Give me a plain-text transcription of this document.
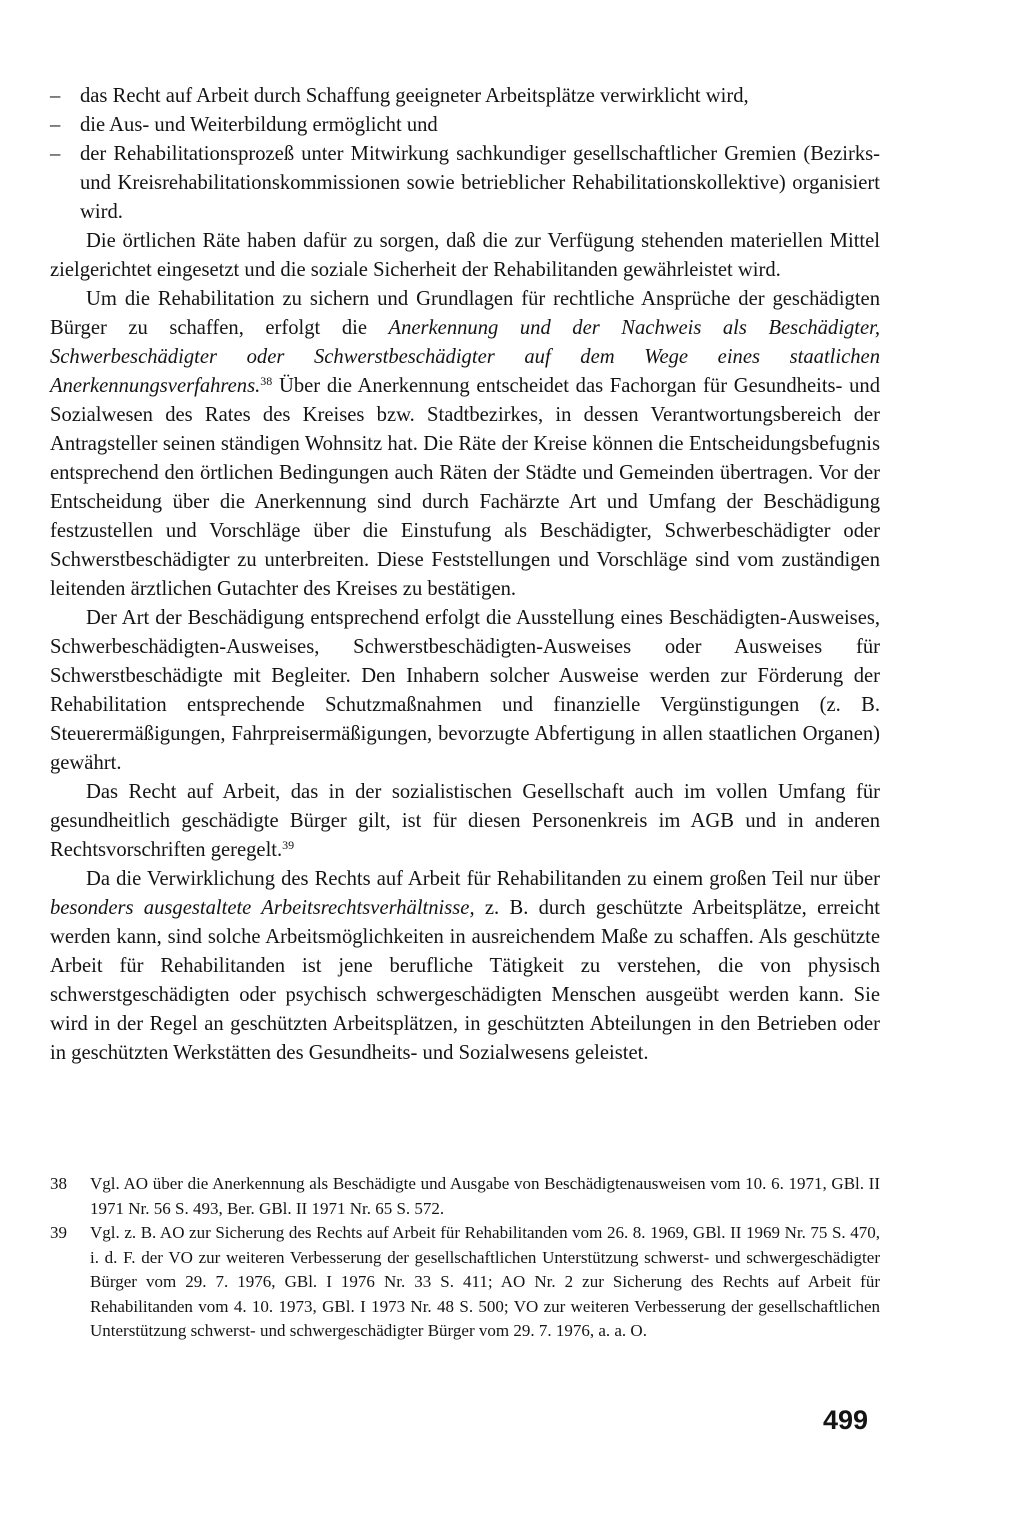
– das Recht auf Arbeit durch Schaffung geeigneter Arbeitsplätze verwirklicht wird,
– die Aus- und Weiterbildung ermöglicht und
– der Rehabilitationsprozeß unter Mitwirkung sachkundiger gesellschaftlicher Gremien (Bezirks- und Kreisrehabilitationskommissionen sowie betrieblicher Rehabilitationskollektive) organisiert wird.

Die örtlichen Räte haben dafür zu sorgen, daß die zur Verfügung stehenden materiellen Mittel zielgerichtet eingesetzt und die soziale Sicherheit der Rehabilitanden gewährleistet wird.

Um die Rehabilitation zu sichern und Grundlagen für rechtliche Ansprüche der geschädigten Bürger zu schaffen, erfolgt die Anerkennung und der Nachweis als Beschädigter, Schwerbeschädigter oder Schwerstbeschädigter auf dem Wege eines staatlichen Anerkennungsverfahrens.$^{38}$ Über die Anerkennung entscheidet das Fachorgan für Gesundheits- und Sozialwesen des Rates des Kreises bzw. Stadtbezirkes, in dessen Verantwortungsbereich der Antragsteller seinen ständigen Wohnsitz hat. Die Räte der Kreise können die Entscheidungsbefugnis entsprechend den örtlichen Bedingungen auch Räten der Städte und Gemeinden übertragen. Vor der Entscheidung über die Anerkennung sind durch Fachärzte Art und Umfang der Beschädigung festzustellen und Vorschläge über die Einstufung als Beschädigter, Schwerbeschädigter oder Schwerstbeschädigter zu unterbreiten. Diese Feststellungen und Vorschläge sind vom zuständigen leitenden ärztlichen Gutachter des Kreises zu bestätigen.

Der Art der Beschädigung entsprechend erfolgt die Ausstellung eines Beschädigten-Ausweises, Schwerbeschädigten-Ausweises, Schwerstbeschädigten-Ausweises oder Ausweises für Schwerstbeschädigte mit Begleiter. Den Inhabern solcher Ausweise werden zur Förderung der Rehabilitation entsprechende Schutzmaßnahmen und finanzielle Vergünstigungen (z. B. Steuerermäßigungen, Fahrpreisermäßigungen, bevorzugte Abfertigung in allen staatlichen Organen) gewährt.

Das Recht auf Arbeit, das in der sozialistischen Gesellschaft auch im vollen Umfang für gesundheitlich geschädigte Bürger gilt, ist für diesen Personenkreis im AGB und in anderen Rechtsvorschriften geregelt.$^{39}$

Da die Verwirklichung des Rechts auf Arbeit für Rehabilitanden zu einem großen Teil nur über besonders ausgestaltete Arbeitsrechtsverhältnisse, z. B. durch geschützte Arbeitsplätze, erreicht werden kann, sind solche Arbeitsmöglichkeiten in ausreichendem Maße zu schaffen. Als geschützte Arbeit für Rehabilitanden ist jene berufliche Tätigkeit zu verstehen, die von physisch schwerstgeschädigten oder psychisch schwergeschädigten Menschen ausgeübt werden kann. Sie wird in der Regel an geschützten Arbeitsplätzen, in geschützten Abteilungen in den Betrieben oder in geschützten Werkstätten des Gesundheits- und Sozialwesens geleistet.

38 Vgl. AO über die Anerkennung als Beschädigte und Ausgabe von Beschädigtenausweisen vom 10. 6. 1971, GBl. II 1971 Nr. 56 S. 493, Ber. GBl. II 1971 Nr. 65 S. 572.
39 Vgl. z. B. AO zur Sicherung des Rechts auf Arbeit für Rehabilitanden vom 26. 8. 1969, GBl. II 1969 Nr. 75 S. 470, i. d. F. der VO zur weiteren Verbesserung der gesellschaftlichen Unterstützung schwerst- und schwergeschädigter Bürger vom 29. 7. 1976, GBl. I 1976 Nr. 33 S. 411; AO Nr. 2 zur Sicherung des Rechts auf Arbeit für Rehabilitanden vom 4. 10. 1973, GBl. I 1973 Nr. 48 S. 500; VO zur weiteren Verbesserung der gesellschaftlichen Unterstützung schwerst- und schwergeschädigter Bürger vom 29. 7. 1976, a. a. O.
499
